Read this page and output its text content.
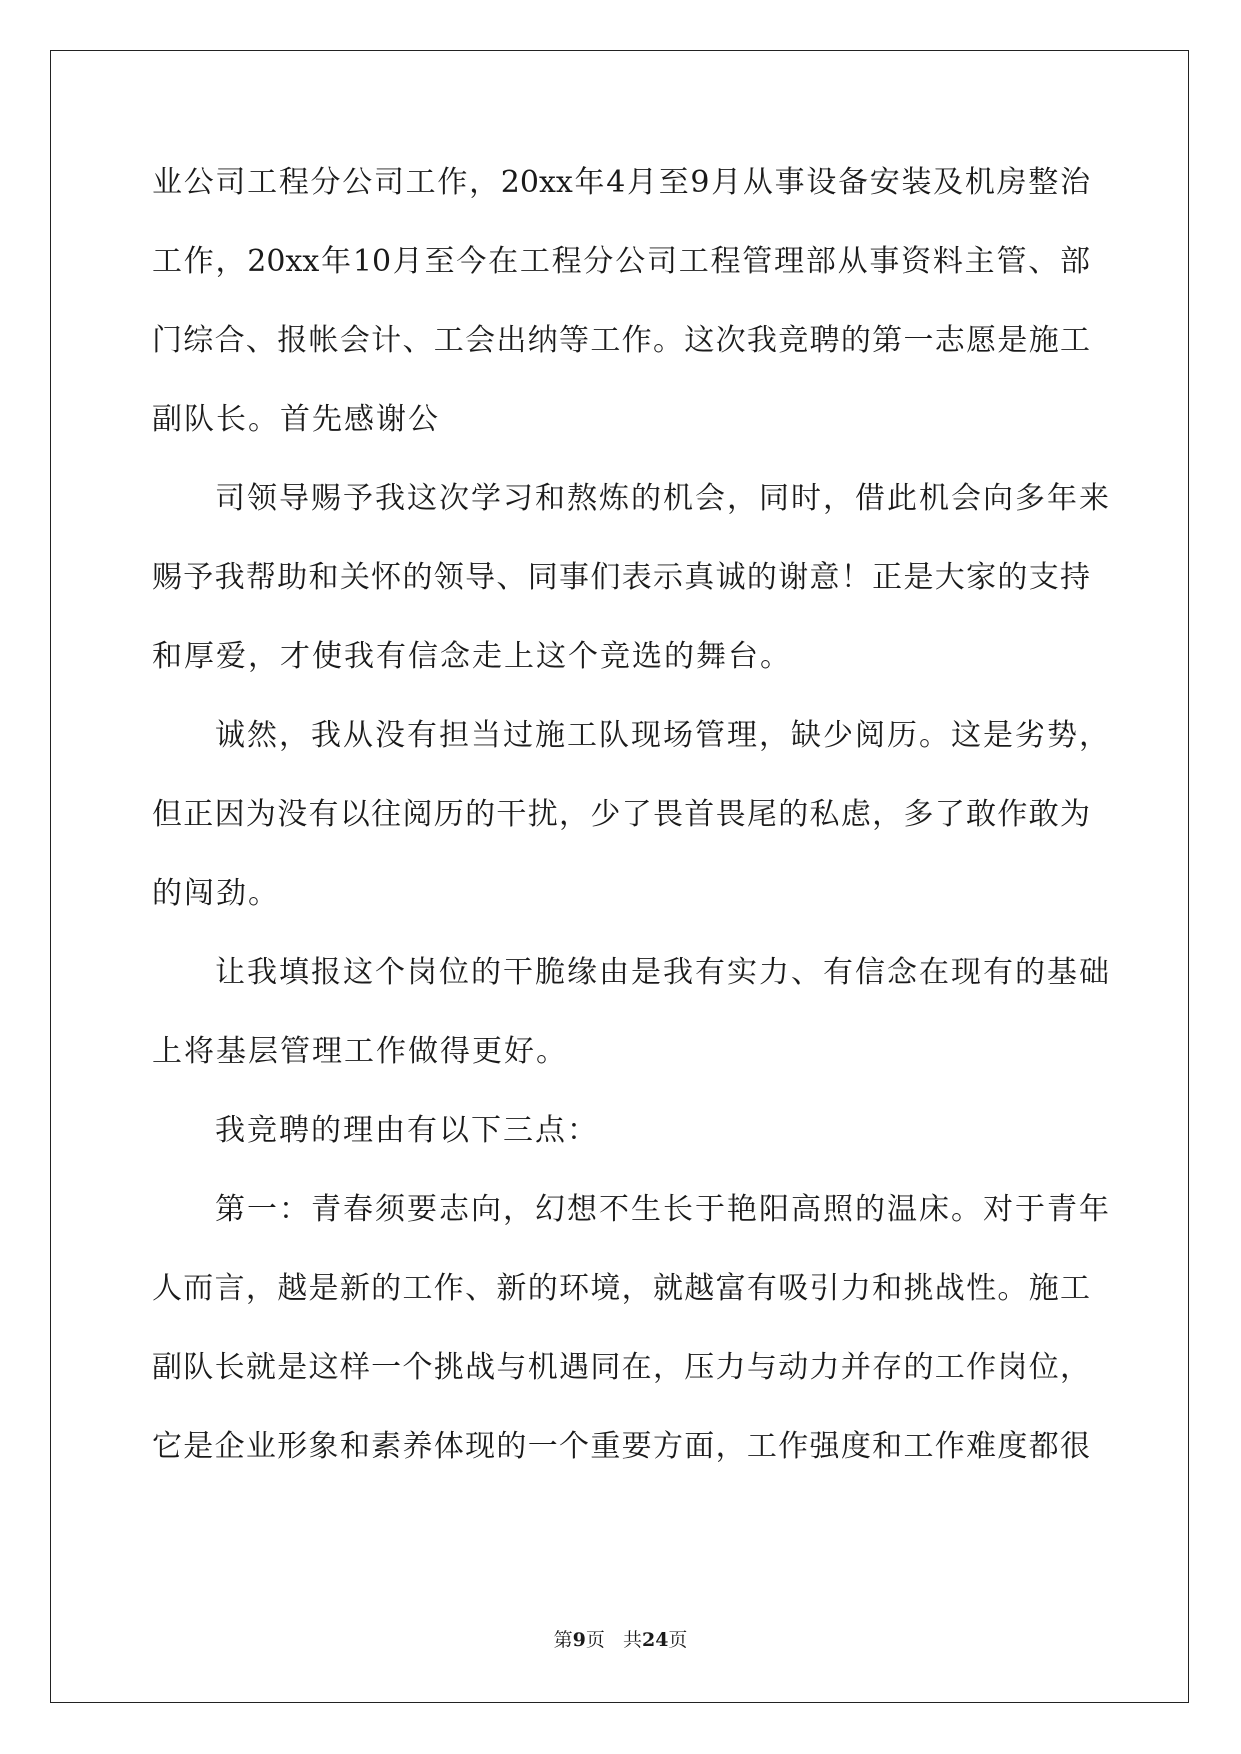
业公司工程分公司工作，20xx年4月至9月从事设备安装及机房整治
工作，20xx年10月至今在工程分公司工程管理部从事资料主管、部
门综合、报帐会计、工会出纳等工作。这次我竞聘的第一志愿是施工
副队长。首先感谢公
司领导赐予我这次学习和熬炼的机会，同时，借此机会向多年来
赐予我帮助和关怀的领导、同事们表示真诚的谢意！正是大家的支持
和厚爱，才使我有信念走上这个竞选的舞台。
诚然，我从没有担当过施工队现场管理，缺少阅历。这是劣势，
但正因为没有以往阅历的干扰，少了畏首畏尾的私虑，多了敢作敢为
的闯劲。
让我填报这个岗位的干脆缘由是我有实力、有信念在现有的基础
上将基层管理工作做得更好。
我竞聘的理由有以下三点：
第一：青春须要志向，幻想不生长于艳阳高照的温床。对于青年
人而言，越是新的工作、新的环境，就越富有吸引力和挑战性。施工
副队长就是这样一个挑战与机遇同在，压力与动力并存的工作岗位，
它是企业形象和素养体现的一个重要方面，工作强度和工作难度都很
第9页 共24页
